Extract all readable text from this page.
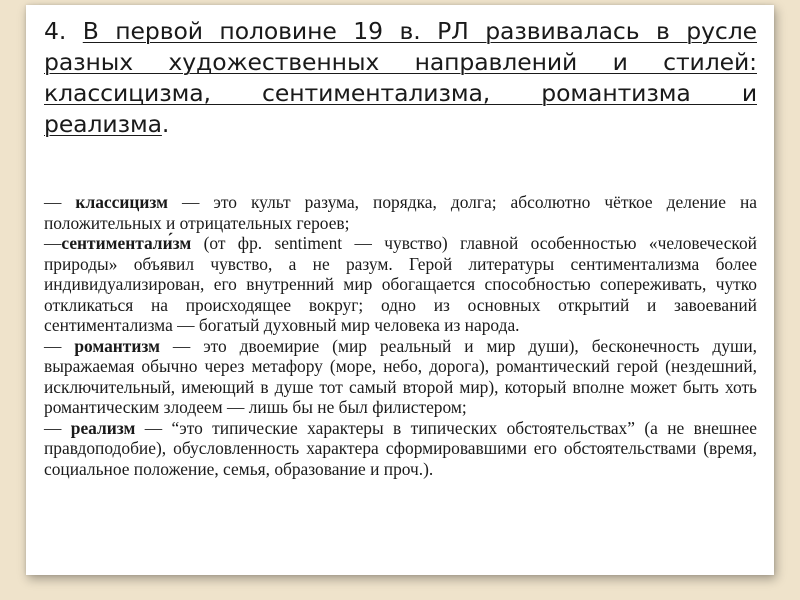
4. В первой половине 19 в. РЛ развивалась в русле разных художественных направлений и стилей: классицизма, сентиментализма, романтизма и реализма.

— классицизм — это культ разума, порядка, долга; абсолютно чёткое деление на положительных и отрицательных героев;

—сентиментали́зм (от фр. sentiment — чувство) главной особенностью «человеческой природы» объявил чувство, а не разум. Герой литературы сентиментализма более индивидуализирован, его внутренний мир обогащается способностью сопереживать, чутко откликаться на происходящее вокруг; одно из основных открытий и завоеваний сентиментализма — богатый духовный мир человека из народа.

— романтизм — это двоемирие (мир реальный и мир души), бесконечность души, выражаемая обычно через метафору (море, небо, дорога), романтический герой (нездешний, исключительный, имеющий в душе тот самый второй мир), который вполне может быть хоть романтическим злодеем — лишь бы не был филистером;

— реализм — “это типические характеры в типических обстоятельствах” (а не внешнее правдоподобие), обусловленность характера сформировавшими его обстоятельствами (время, социальное положение, семья, образование и проч.).
